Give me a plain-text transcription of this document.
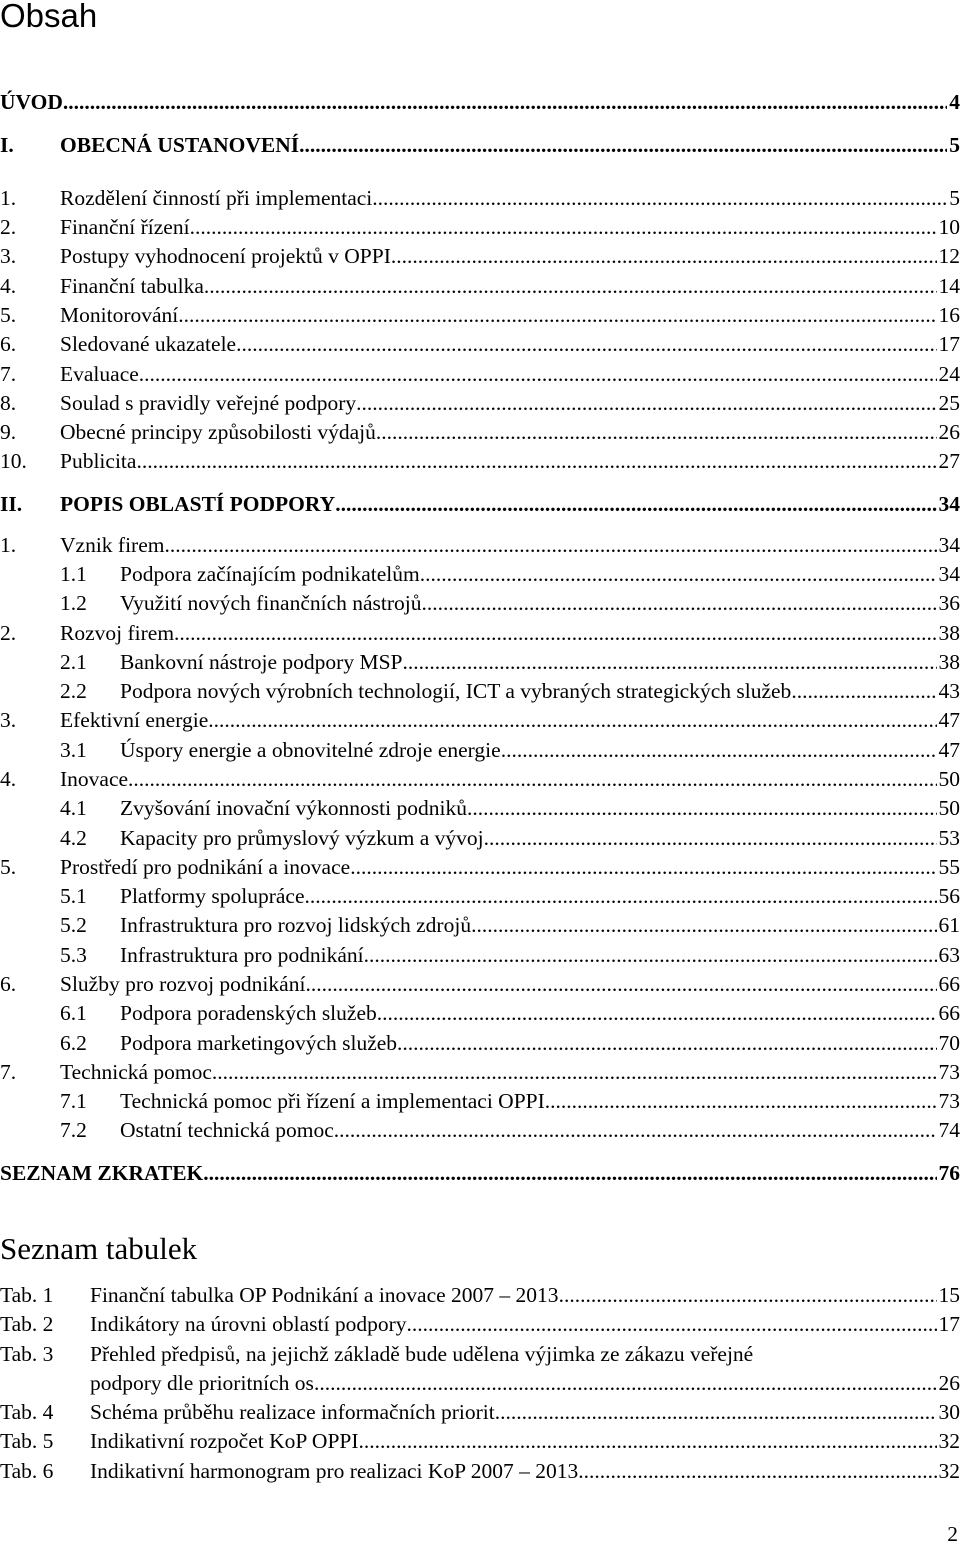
Obsah
ÚVOD .....	4
I.	OBECNÁ USTANOVENÍ .....	5
1.	Rozdělení činností při implementaci .....	5
2.	Finanční řízení .....	10
3.	Postupy vyhodnocení projektů v OPPI .....	12
4.	Finanční tabulka .....	14
5.	Monitorování .....	16
6.	Sledované ukazatele .....	17
7.	Evaluace .....	24
8.	Soulad s pravidly veřejné podpory .....	25
9.	Obecné principy způsobilosti výdajů .....	26
10.	Publicita .....	27
II.	POPIS OBLASTÍ PODPORY .....	34
1.	Vznik firem .....	34
1.1	Podpora začínajícím podnikatelům .....	34
1.2	Využití nových finančních nástrojů .....	36
2.	Rozvoj firem .....	38
2.1	Bankovní nástroje podpory MSP .....	38
2.2	Podpora nových výrobních technologií, ICT a vybraných strategických služeb .....	43
3.	Efektivní energie .....	47
3.1	Úspory energie a obnovitelné zdroje energie .....	47
4.	Inovace .....	50
4.1	Zvyšování inovační výkonnosti podniků .....	50
4.2	Kapacity pro průmyslový výzkum a vývoj .....	53
5.	Prostředí pro podnikání a inovace .....	55
5.1	Platformy spolupráce .....	56
5.2	Infrastruktura pro rozvoj lidských zdrojů .....	61
5.3	Infrastruktura pro podnikání .....	63
6.	Služby pro rozvoj podnikání .....	66
6.1	Podpora poradenských služeb .....	66
6.2	Podpora marketingových služeb .....	70
7.	Technická pomoc .....	73
7.1	Technická pomoc při řízení a implementaci OPPI .....	73
7.2	Ostatní technická pomoc .....	74
SEZNAM ZKRATEK .....	76
Seznam tabulek
Tab. 1 Finanční tabulka OP Podnikání a inovace 2007 – 2013 .....	15
Tab. 2 Indikátory na úrovni oblastí podpory .....	17
Tab. 3 Přehled předpisů, na jejichž základě bude udělena výjimka ze zákazu veřejné
podpory dle prioritních os .....	26
Tab. 4 Schéma průběhu realizace informačních priorit .....	30
Tab. 5 Indikativní rozpočet KoP OPPI .....	32
Tab. 6 Indikativní harmonogram pro realizaci KoP 2007 – 2013 .....	32
2
